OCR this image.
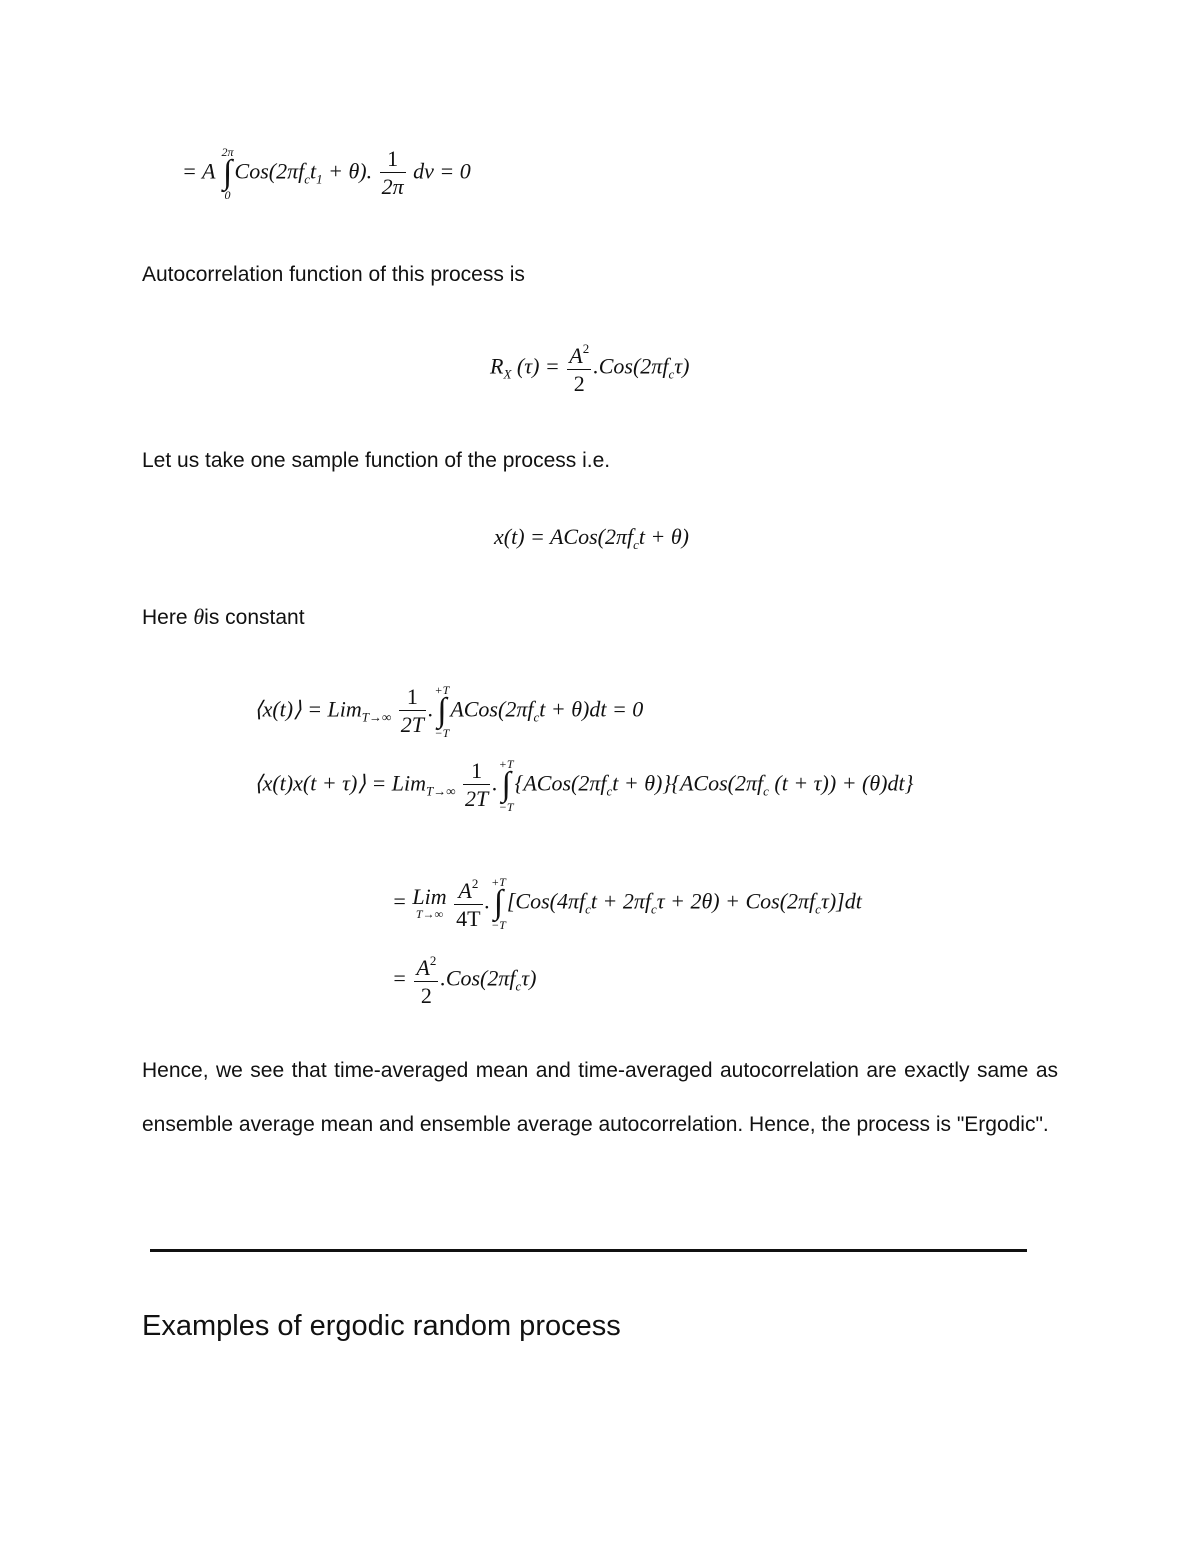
= A
2π
∫
0
$Cos(2\pi f_ct_1 + \theta)$. $\frac{1}{2\pi}$ dv = 0
Autocorrelation function of this process is
$R_X$ $(\tau) = \frac{A^2}{2} .Cos(2\pi f_c\tau)$
Let us take one sample function of the process i.e.
$x(t) = ACos(2\pi f_ct + \theta)$
Here θis constant
⟨x(t)⟩ = $Lim_{T\to\infty} \frac{1}{2T}$ .
+T
∫
−T
$ACos(2\pi f_ct + \theta)dt = 0$
⟨x(t)x(t + τ)⟩ = $Lim_{T\to\infty} \frac{1}{2T}$ .
+T
∫
−T
{$ACos(2\pi f_ct$ + $\theta)\}\{ACos(2\pi f_c$ (t + τ)) + (θ)dt}
= Lim
T→∞
$\frac{A^2}{4T}$ .
+T
∫
−T
$[Cos(4\pi f_ct + 2\pi f_c\tau + 2\theta) + Cos(2\pi f_c\tau)]dt$
= $\frac{A^2}{2} .Cos(2\pi f_c\tau)$
Hence, we see that time-averaged mean and time-averaged autocorrelation are exactly same as ensemble average mean and ensemble average autocorrelation. Hence, the process is "Ergodic".
Examples of ergodic random process
